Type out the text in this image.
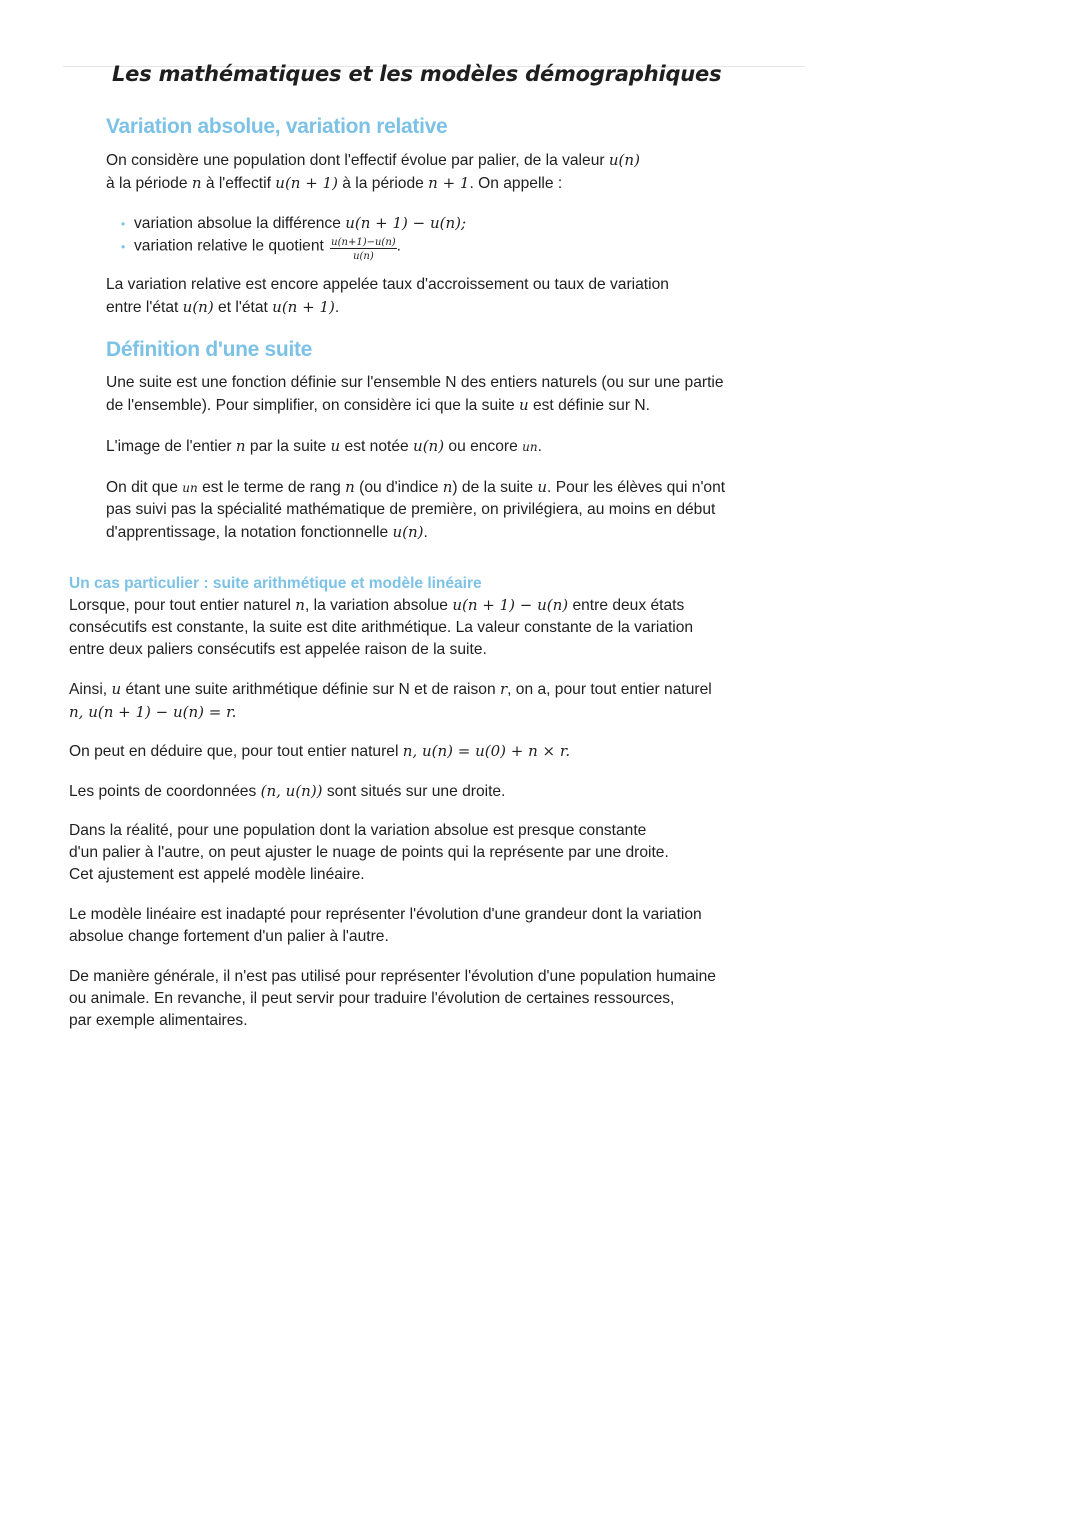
Les mathématiques et les modèles démographiques
Variation absolue, variation relative

On considère une population dont l'effectif évolue par palier, de la valeur u(n)
à la période n à l'effectif u(n + 1) à la période n + 1. On appelle :

• variation absolue la différence u(n + 1) − u(n);
• variation relative le quotient $\frac{u(n+1)-u(n)}{u(n)}$ .

La variation relative est encore appelée taux d'accroissement ou taux de variation
entre l'état u(n) et l'état u(n + 1).

Définition d'une suite

Une suite est une fonction définie sur l'ensemble N des entiers naturels (ou sur une partie
de l'ensemble). Pour simplifier, on considère ici que la suite u est définie sur N.

L'image de l'entier n par la suite u est notée u(n) ou encore un.

On dit que un est le terme de rang n (ou d'indice n) de la suite u. Pour les élèves qui n'ont
pas suivi pas la spécialité mathématique de première, on privilégiera, au moins en début
d'apprentissage, la notation fonctionnelle u(n).

Un cas particulier : suite arithmétique et modèle linéaire

Lorsque, pour tout entier naturel n, la variation absolue u(n + 1) − u(n) entre deux états
consécutifs est constante, la suite est dite arithmétique. La valeur constante de la variation
entre deux paliers consécutifs est appelée raison de la suite.

Ainsi, u étant une suite arithmétique définie sur N et de raison r, on a, pour tout entier naturel
n, u(n + 1) − u(n) = r.

On peut en déduire que, pour tout entier naturel n, u(n) = u(0) + n × r.

Les points de coordonnées (n, u(n)) sont situés sur une droite.

Dans la réalité, pour une population dont la variation absolue est presque constante
d'un palier à l'autre, on peut ajuster le nuage de points qui la représente par une droite.
Cet ajustement est appelé modèle linéaire.

Le modèle linéaire est inadapté pour représenter l'évolution d'une grandeur dont la variation
absolue change fortement d'un palier à l'autre.

De manière générale, il n'est pas utilisé pour représenter l'évolution d'une population humaine
ou animale. En revanche, il peut servir pour traduire l'évolution de certaines ressources,
par exemple alimentaires.
